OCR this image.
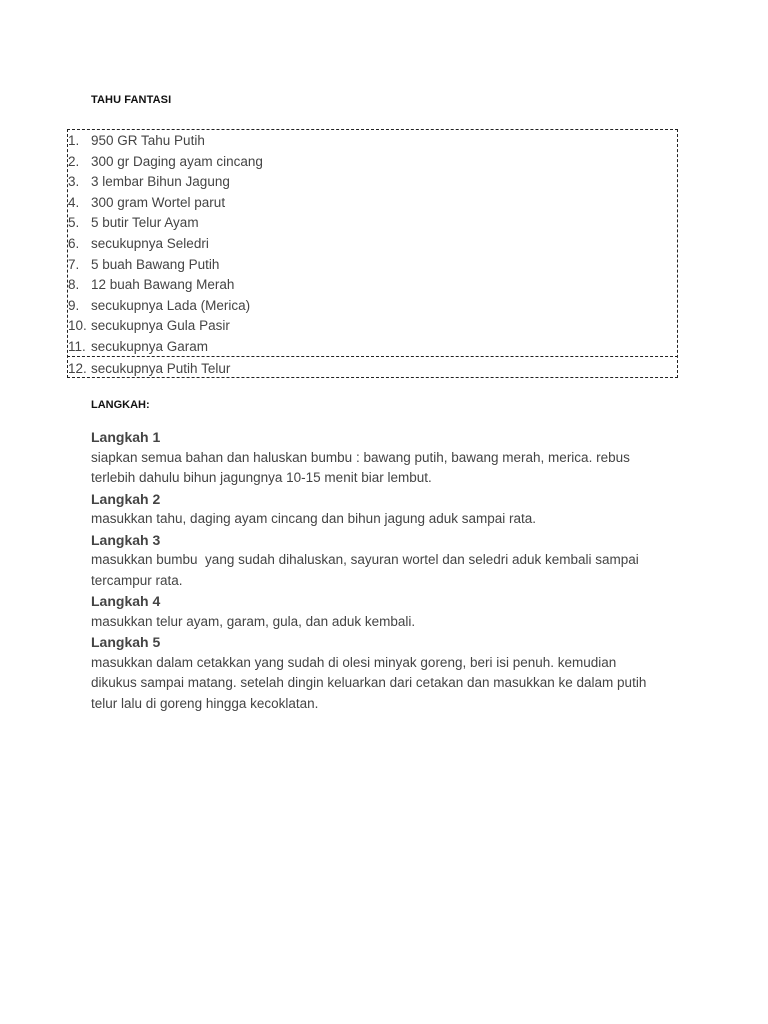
TAHU FANTASI
1. 950 GR Tahu Putih
2. 300 gr Daging ayam cincang
3. 3 lembar Bihun Jagung
4. 300 gram Wortel parut
5. 5 butir Telur Ayam
6. secukupnya Seledri
7. 5 buah Bawang Putih
8. 12 buah Bawang Merah
9. secukupnya Lada (Merica)
10. secukupnya Gula Pasir
11. secukupnya Garam
12. secukupnya Putih Telur
LANGKAH:
Langkah 1
siapkan semua bahan dan haluskan bumbu : bawang putih, bawang merah, merica. rebus
terlebih dahulu bihun jagungnya 10-15 menit biar lembut.
Langkah 2
masukkan tahu, daging ayam cincang dan bihun jagung aduk sampai rata.
Langkah 3
masukkan bumbu  yang sudah dihaluskan, sayuran wortel dan seledri aduk kembali sampai
tercampur rata.
Langkah 4
masukkan telur ayam, garam, gula, dan aduk kembali.
Langkah 5
masukkan dalam cetakkan yang sudah di olesi minyak goreng, beri isi penuh. kemudian
dikukus sampai matang. setelah dingin keluarkan dari cetakan dan masukkan ke dalam putih
telur lalu di goreng hingga kecoklatan.
